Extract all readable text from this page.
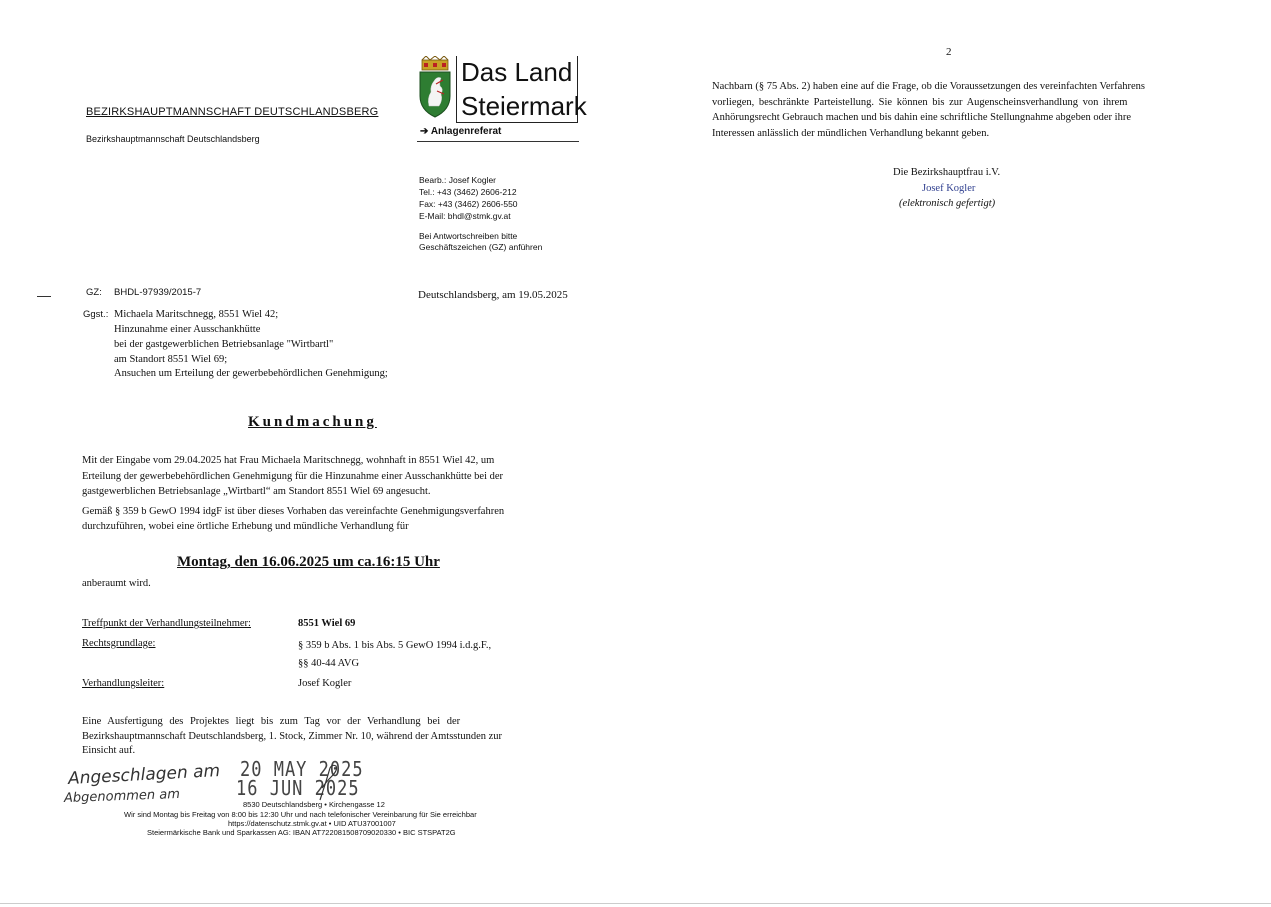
Das Land
Steiermark
BEZIRKSHAUPTMANNSCHAFT DEUTSCHLANDSBERG
Bezirkshauptmannschaft Deutschlandsberg
➔ Anlagenreferat
Bearb.: Josef Kogler
Tel.: +43 (3462) 2606-212
Fax: +43 (3462) 2606-550
E-Mail: bhdl@stmk.gv.at
Bei Antwortschreiben bitte
Geschäftszeichen (GZ) anführen
GZ: BHDL-97939/2015-7	Deutschlandsberg, am 19.05.2025
Ggst.: Michaela Maritschnegg, 8551 Wiel 42;
Hinzunahme einer Ausschankhütte
bei der gastgewerblichen Betriebsanlage "Wirtbartl"
am Standort 8551 Wiel 69;
Ansuchen um Erteilung der gewerbebehördlichen Genehmigung;
Kundmachung
Mit der Eingabe vom 29.04.2025 hat Frau Michaela Maritschnegg, wohnhaft in 8551 Wiel 42, um
Erteilung der gewerbebehördlichen Genehmigung für die Hinzunahme einer Ausschankhütte bei der
gastgewerblichen Betriebsanlage „Wirtbartl“ am Standort 8551 Wiel 69 angesucht.
Gemäß § 359 b GewO 1994 idgF ist über dieses Vorhaben das vereinfachte Genehmigungsverfahren
durchzuführen, wobei eine örtliche Erhebung und mündliche Verhandlung für
Montag, den 16.06.2025 um ca.16:15 Uhr
anberaumt wird.
Treffpunkt der Verhandlungsteilnehmer:	8551 Wiel 69
Rechtsgrundlage:	§ 359 b Abs. 1 bis Abs. 5 GewO 1994 i.d.g.F.,
§§ 40-44 AVG
Verhandlungsleiter:	Josef Kogler
Eine Ausfertigung des Projektes liegt bis zum Tag vor der Verhandlung bei der
Bezirkshauptmannschaft Deutschlandsberg, 1. Stock, Zimmer Nr. 10, während der Amtsstunden zur
Einsicht auf.
Angeschlagen am
Abgenommen am
20 MAY 2025
16 JUN 2025
8530 Deutschlandsberg • Kirchengasse 12
Wir sind Montag bis Freitag von 8:00 bis 12:30 Uhr und nach telefonischer Vereinbarung für Sie erreichbar
https://datenschutz.stmk.gv.at • UID ATU37001007
Steiermärkische Bank und Sparkassen AG: IBAN AT722081508709020330 • BIC STSPAT2G
2
Nachbarn (§ 75 Abs. 2) haben eine auf die Frage, ob die Voraussetzungen des vereinfachten Verfahrens
vorliegen, beschränkte Parteistellung. Sie können bis zur Augenscheinsverhandlung von ihrem
Anhörungsrecht Gebrauch machen und bis dahin eine schriftliche Stellungnahme abgeben oder ihre
Interessen anlässlich der mündlichen Verhandlung bekannt geben.
Die Bezirkshauptfrau i.V.
Josef Kogler
(elektronisch gefertigt)
